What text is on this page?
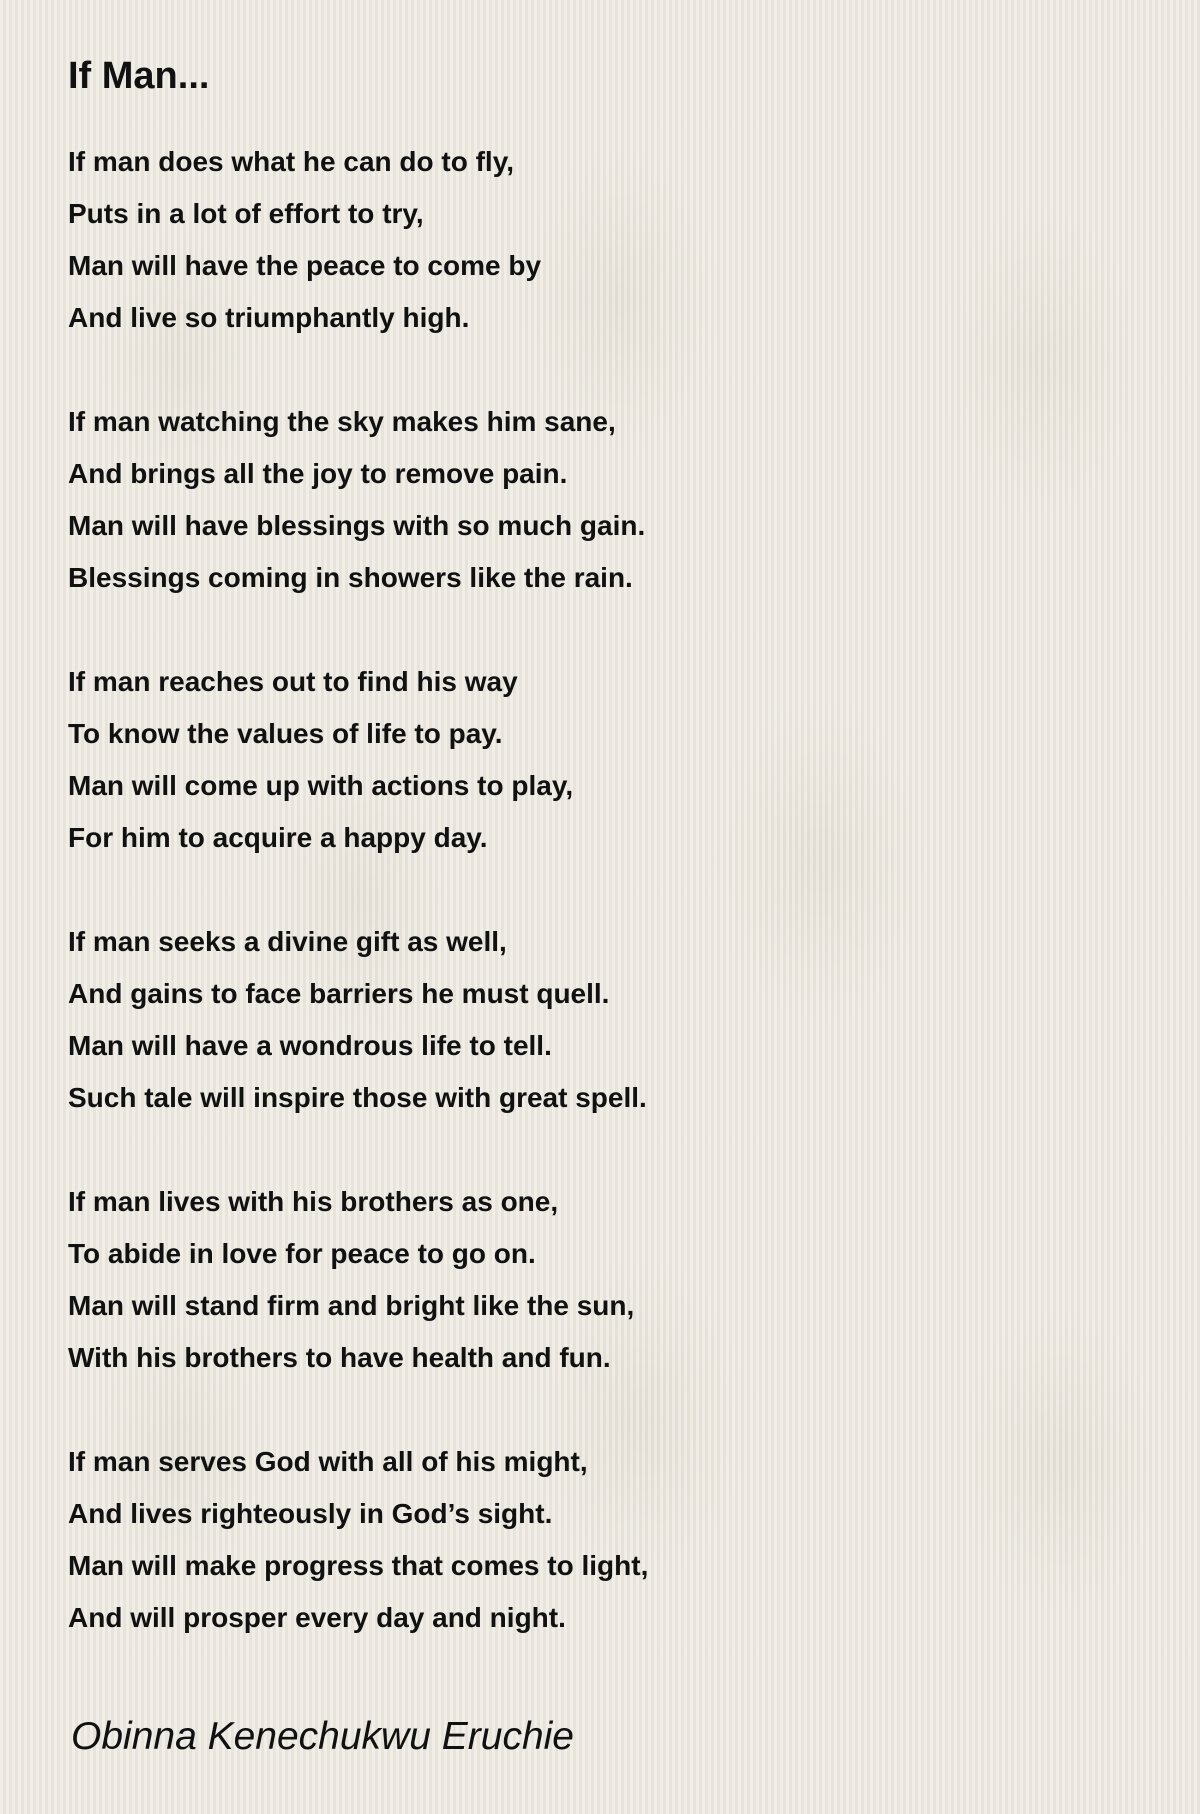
If Man...
If man does what he can do to fly,
Puts in a lot of effort to try,
Man will have the peace to come by
And live so triumphantly high.
If man watching the sky makes him sane,
And brings all the joy to remove pain.
Man will have blessings with so much gain.
Blessings coming in showers like the rain.
If man reaches out to find his way
To know the values of life to pay.
Man will come up with actions to play,
For him to acquire a happy day.
If man seeks a divine gift as well,
And gains to face barriers he must quell.
Man will have a wondrous life to tell.
Such tale will inspire those with great spell.
If man lives with his brothers as one,
To abide in love for peace to go on.
Man will stand firm and bright like the sun,
With his brothers to have health and fun.
If man serves God with all of his might,
And lives righteously in God’s sight.
Man will make progress that comes to light,
And will prosper every day and night.
Obinna Kenechukwu Eruchie
